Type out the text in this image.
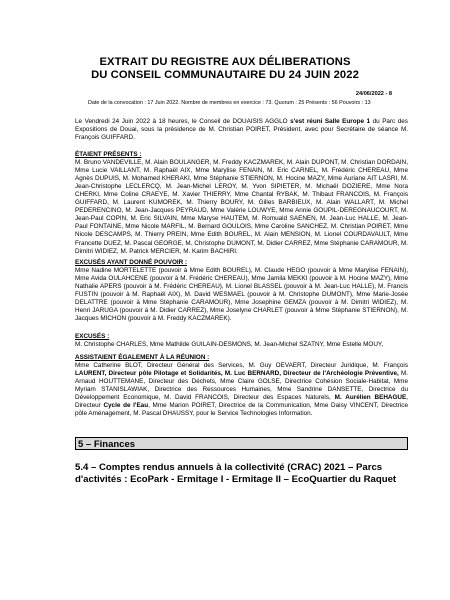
EXTRAIT DU REGISTRE AUX DÉLIBERATIONS
DU CONSEIL COMMUNAUTAIRE DU 24 JUIN 2022
24/06/2022 - 8
Date de la convocation : 17 Juin 2022. Nombre de membres en exercice : 73. Quorum : 25 Présents : 56 Pouvoirs : 13
Le Vendredi 24 Juin 2022 à 18 heures, le Conseil de DOUAISIS AGGLO s'est réuni Salle Europe 1 du Parc des Expositions de Douai, sous la présidence de M. Christian POIRET, Président, avec pour Secrétaire de séance M. François GUIFFARD.
ÉTAIENT PRÉSENTS :
M. Bruno VANDEVILLE, M. Alain BOULANGER, M. Freddy KACZMAREK, M. Alain DUPONT, M. Christian DORDAIN, Mme Lucie VAILLANT, M. Raphaël AIX, Mme Marylise FENAIN, M. Eric CARNEL, M. Frédéric CHEREAU, Mme Agnès DUPUIS, M. Mohamed KHERAKI, Mme Stéphanie STIERNON, M. Hocine MAZY, Mme Auriane AIT LASRI, M. Jean-Christophe LECLERCQ, M. Jean-Michel LEROY, M. Yvon SIPIETER, M. Michaël DOZIERE, Mme Nora CHERKI, Mme Coline CRAEYE, M. Xavier THIERRY, Mme Chantal RYBAK, M. Thibaut FRANCOIS, M. François GUIFFARD, M. Laurent KUMOREK, M. Thierry BOURY, M. Gilles BARBIEUX, M. Alain WALLART, M. Michel PEDERENCINO, M. Jean-Jacques PEYRAUD, Mme Valérie LOUWYE, Mme Annie GOUPIL-DEREGNAUCOURT, M. Jean-Paul COPIN, M. Eric SILVAIN, Mme Maryse HAUTEM, M. Romuald SAENEN, M. Jean-Luc HALLE, M. Jean-Paul FONTAINE, Mme Nicole MARFIL, M. Bernard GOULOIS, Mme Caroline SANCHEZ, M. Christian POIRET, Mme Nicole DESCAMPS, M. Thierry PREIN, Mme Edith BOUREL, M. Alain MENSION, M. Lionel COURDAVAULT, Mme Francette DUEZ, M. Pascal GEORGE, M. Christophe DUMONT, M. Didier CARREZ, Mme Stéphanie CARAMOUR, M. Dimitri WIDIEZ, M. Patrick MERCIER, M. Karim BACHIRI.
EXCUSÉS AYANT DONNÉ POUVOIR :
Mme Nadine MORTELETTE (pouvoir à Mme Edith BOUREL), M. Claude HEGO (pouvoir à Mme Marylise FENAIN), Mme Avida OULAHCENE (pouvoir à M. Frédéric CHEREAU), Mme Jamila MEKKI (pouvoir à M. Hocine MAZY), Mme Nathalie APERS (pouvoir à M. Frédéric CHEREAU), M. Lionel BLASSEL (pouvoir à M. Jean-Luc HALLE), M. Francis FUSTIN (pouvoir à M. Raphaël AIX), M. David WESMAEL (pouvoir à M. Christophe DUMONT), Mme Marie-Josée DELATTRE (pouvoir à Mme Stéphanie CARAMOUR), Mme Josephine GEMZA (pouvoir à M. Dimitri WIDIEZ), M. Henri JARUGA (pouvoir à M. Didier CARREZ), Mme Joselyne CHARLET (pouvoir à Mme Stéphanie STIERNON), M. Jacques MICHON (pouvoir à M. Freddy KACZMAREK).
EXCUSÉS :
M. Christophe CHARLES, Mme Mathilde GUILAIN-DESMONS, M. Jean-Michel SZATNY, Mme Estelle MOUY,
ASSISTAIENT ÉGALEMENT À LA RÉUNION :
Mme Catherine BLOT, Directeur Général des Services, M. Guy OEVAERT, Directeur Juridique, M. François LAURENT, Directeur pôle Pilotage et Solidarités, M. Luc BERNARD, Directeur de l'Archéologie Préventive, M. Arnaud HOUTTEMANE, Directeur des Déchets, Mme Claire GOLSE, Directrice Cohésion Sociale-Habitat, Mme Myriam STANISLAWIAK, Directrice des Ressources Humaines, Mme Sandrine DANSETTE, Directrice du Développement Economique, M. David FRANCOIS, Directeur des Espaces Naturels, M. Aurélien BEHAGUE, Directeur Cycle de l'Eau, Mme Marion POIRET, Directrice de la Communication, Mme Daisy VINCENT, Directrice pôle Aménagement, M. Pascal DHAUSSY, pour le Service Technologies Information.
5 – Finances
5.4 – Comptes rendus annuels à la collectivité (CRAC) 2021 – Parcs d'activités : EcoPark - Ermitage I - Ermitage II – EcoQuartier du Raquet
